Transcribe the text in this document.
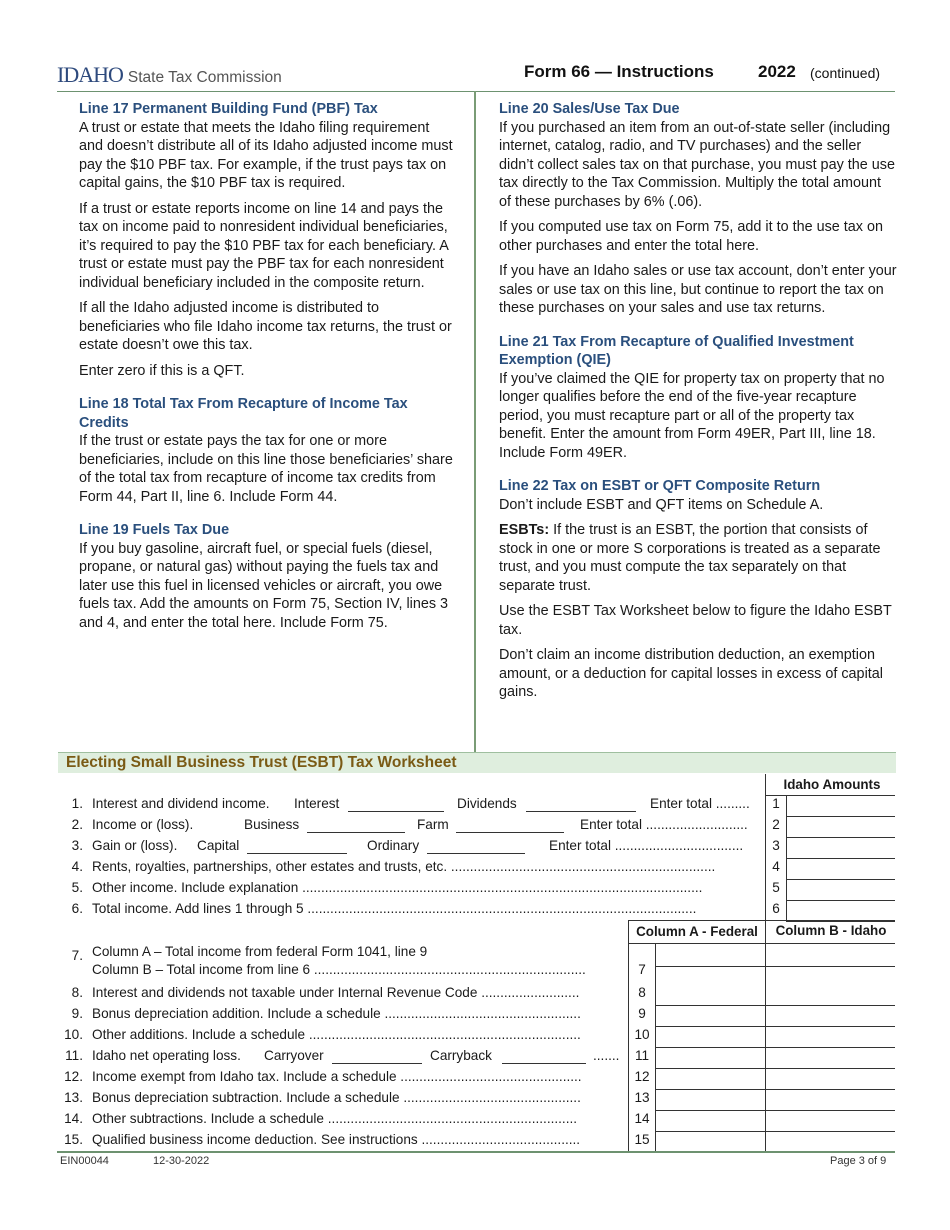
IDAHO State Tax Commission	Form 66 — Instructions	2022 (continued)
Line 17 Permanent Building Fund (PBF) Tax

A trust or estate that meets the Idaho filing requirement and doesn’t distribute all of its Idaho adjusted income must pay the $10 PBF tax. For example, if the trust pays tax on capital gains, the $10 PBF tax is required.

If a trust or estate reports income on line 14 and pays the tax on income paid to nonresident individual beneficiaries, it’s required to pay the $10 PBF tax for each beneficiary. A trust or estate must pay the PBF tax for each nonresident individual beneficiary included in the composite return.

If all the Idaho adjusted income is distributed to beneficiaries who file Idaho income tax returns, the trust or estate doesn’t owe this tax.

Enter zero if this is a QFT.

Line 18 Total Tax From Recapture of Income Tax Credits

If the trust or estate pays the tax for one or more beneficiaries, include on this line those beneficiaries’ share of the total tax from recapture of income tax credits from Form 44, Part II, line 6. Include Form 44.

Line 19 Fuels Tax Due

If you buy gasoline, aircraft fuel, or special fuels (diesel, propane, or natural gas) without paying the fuels tax and later use this fuel in licensed vehicles or aircraft, you owe fuels tax. Add the amounts on Form 75, Section IV, lines 3 and 4, and enter the total here. Include Form 75.

Line 20 Sales/Use Tax Due

If you purchased an item from an out-of-state seller (including internet, catalog, radio, and TV purchases) and the seller didn’t collect sales tax on that purchase, you must pay the use tax directly to the Tax Commission. Multiply the total amount of these purchases by 6% (.06).

If you computed use tax on Form 75, add it to the use tax on other purchases and enter the total here.

If you have an Idaho sales or use tax account, don’t enter your sales or use tax on this line, but continue to report the tax on these purchases on your sales and use tax returns.

Line 21 Tax From Recapture of Qualified Investment Exemption (QIE)

If you’ve claimed the QIE for property tax on property that no longer qualifies before the end of the five-year recapture period, you must recapture part or all of the property tax benefit. Enter the amount from Form 49ER, Part III, line 18. Include Form 49ER.

Line 22 Tax on ESBT or QFT Composite Return

Don’t include ESBT and QFT items on Schedule A.

ESBTs: If the trust is an ESBT, the portion that consists of stock in one or more S corporations is treated as a separate trust, and you must compute the tax separately on that separate trust.

Use the ESBT Tax Worksheet below to figure the Idaho ESBT tax.

Don’t claim an income distribution deduction, an exemption amount, or a deduction for capital losses in excess of capital gains.

Electing Small Business Trust (ESBT) Tax Worksheet
Idaho Amounts
Column A - Federal	Column B - Idaho
1. Interest and dividend income. Interest	Dividends	Enter total .........	1
2. Income or (loss).	Business	Farm	Enter total ...........................	2
3. Gain or (loss). Capital	Ordinary	Enter total ..................................	3
4. Rents, royalties, partnerships, other estates and trusts, etc. ......................................................................	4
5. Other income. Include explanation ..........................................................................................................	5
6. Total income. Add lines 1 through 5 .......................................................................................................	6
7. Column A – Total income from federal Form 1041, line 9
Column B – Total income from line 6 ........................................................................	7
8. Interest and dividends not taxable under Internal Revenue Code ..........................	8
9. Bonus depreciation addition. Include a schedule ....................................................	9
10. Other additions. Include a schedule ........................................................................	10
11. Idaho net operating loss. Carryover	Carryback	....... 11
12. Income exempt from Idaho tax. Include a schedule ................................................	12
13. Bonus depreciation subtraction. Include a schedule ...............................................	13
14. Other subtractions. Include a schedule ..................................................................	14
15. Qualified business income deduction. See instructions ..........................................	15
EIN00044	12-30-2022	Page 3 of 9
